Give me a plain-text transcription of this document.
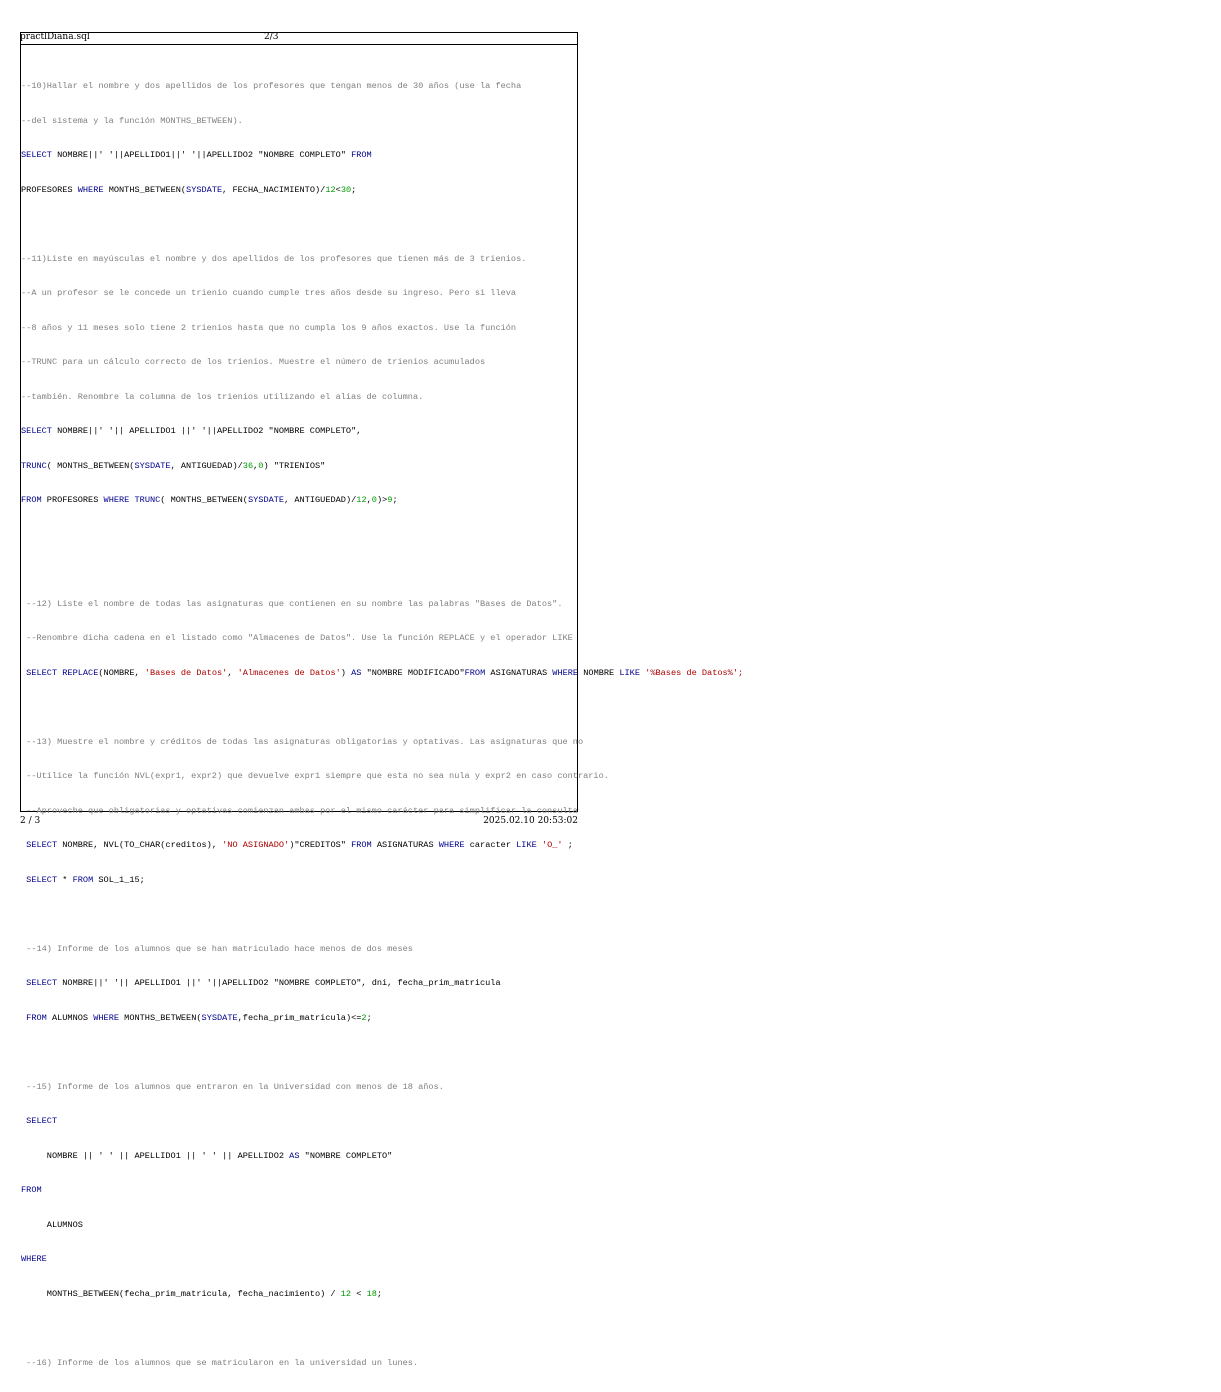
practlDiana.sql	2/3

--10)Hallar el nombre y dos apellidos de los profesores que tengan menos de 30 años (use la fecha

--del sistema y la función MONTHS_BETWEEN).

SELECT NOMBRE||' '||APELLIDO1||' '||APELLIDO2 "NOMBRE COMPLETO" FROM

PROFESORES WHERE MONTHS_BETWEEN(SYSDATE, FECHA_NACIMIENTO)/12<30;

--11)Liste en mayúsculas el nombre y dos apellidos de los profesores que tienen más de 3 trienios.

--A un profesor se le concede un trienio cuando cumple tres años desde su ingreso. Pero si lleva

--8 años y 11 meses solo tiene 2 trienios hasta que no cumpla los 9 años exactos. Use la función

--TRUNC para un cálculo correcto de los trienios. Muestre el número de trienios acumulados

--también. Renombre la columna de los trienios utilizando el alias de columna.

SELECT NOMBRE||' '|| APELLIDO1 ||' '||APELLIDO2 "NOMBRE COMPLETO",

TRUNC( MONTHS_BETWEEN(SYSDATE, ANTIGUEDAD)/36,0) "TRIENIOS"

FROM PROFESORES WHERE TRUNC( MONTHS_BETWEEN(SYSDATE, ANTIGUEDAD)/12,0)>9;

--12) Liste el nombre de todas las asignaturas que contienen en su nombre las palabras "Bases de Datos".

--Renombre dicha cadena en el listado como "Almacenes de Datos". Use la función REPLACE y el operador LIKE

SELECT REPLACE(NOMBRE, 'Bases de Datos', 'Almacenes de Datos') AS "NOMBRE MODIFICADO"FROM ASIGNATURAS WHERE NOMBRE LIKE '%Bases de Datos%';

--13) Muestre el nombre y créditos de todas las asignaturas obligatorias y optativas. Las asignaturas que no

--Utilice la función NVL(expr1, expr2) que devuelve expr1 siempre que esta no sea nula y expr2 en caso contrario.

--Aproveche que obligatorias y optativas comienzan ambas por el mismo carácter para simplificar la consulta

SELECT NOMBRE, NVL(TO_CHAR(creditos), 'NO ASIGNADO')"CREDITOS" FROM ASIGNATURAS WHERE caracter LIKE 'O_' ;

SELECT * FROM SOL_1_15;

--14) Informe de los alumnos que se han matriculado hace menos de dos meses

SELECT NOMBRE||' '|| APELLIDO1 ||' '||APELLIDO2 "NOMBRE COMPLETO", dni, fecha_prim_matricula

FROM ALUMNOS WHERE MONTHS_BETWEEN(SYSDATE,fecha_prim_matricula)<=2;

--15) Informe de los alumnos que entraron en la Universidad con menos de 18 años.

SELECT

NOMBRE || ' ' || APELLIDO1 || ' ' || APELLIDO2 AS "NOMBRE COMPLETO"

FROM

ALUMNOS

WHERE

MONTHS_BETWEEN(fecha_prim_matricula, fecha_nacimiento) / 12 < 18;

--16) Informe de los alumnos que se matricularon en la universidad un lunes.

2 / 3	2025.02.10 20:53:02
